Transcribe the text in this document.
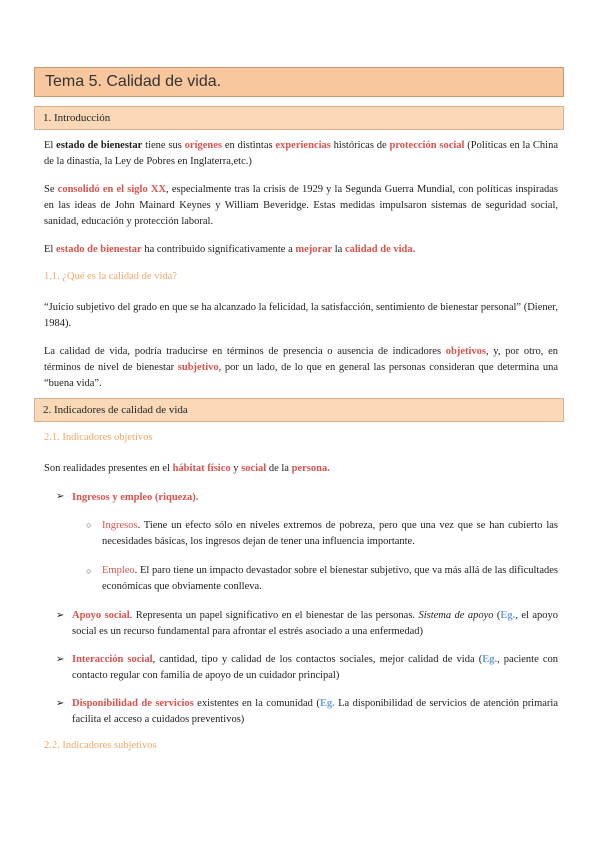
Tema 5. Calidad de vida.
1. Introducción
El estado de bienestar tiene sus orígenes en distintas experiencias históricas de protección social (Políticas en la China de la dinastía, la Ley de Pobres en Inglaterra,etc.)
Se consolidó en el siglo XX, especialmente tras la crisis de 1929 y la Segunda Guerra Mundial, con políticas inspiradas en las ideas de John Mainard Keynes y William Beveridge. Estas medidas impulsaron sistemas de seguridad social, sanidad, educación y protección laboral.
El estado de bienestar ha contribuido significativamente a mejorar la calidad de vida.
1.1. ¿Qué es la calidad de vida?
“Juicio subjetivo del grado en que se ha alcanzado la felicidad, la satisfacción, sentimiento de bienestar personal” (Diener, 1984).
La calidad de vida, podría traducirse en términos de presencia o ausencia de indicadores objetivos, y, por otro, en términos de nivel de bienestar subjetivo, por un lado, de lo que en general las personas consideran que determina una “buena vida”.
2. Indicadores de calidad de vida
2.1. Indicadores objetivos
Son realidades presentes en el hábitat físico y social de la persona.
➢ Ingresos y empleo (riqueza).
○ Ingresos. Tiene un efecto sólo en niveles extremos de pobreza, pero que una vez que se han cubierto las necesidades básicas, los ingresos dejan de tener una influencia importante.
○ Empleo. El paro tiene un impacto devastador sobre el bienestar subjetivo, que va más allá de las dificultades económicas que obviamente conlleva.
➢ Apoyo social. Representa un papel significativo en el bienestar de las personas. Sistema de apoyo (Eg., el apoyo social es un recurso fundamental para afrontar el estrés asociado a una enfermedad)
➢ Interacción social, cantidad, tipo y calidad de los contactos sociales, mejor calidad de vida (Eg., paciente con contacto regular con familia de apoyo de un cuidador principal)
➢ Disponibilidad de servicios existentes en la comunidad (Eg. La disponibilidad de servicios de atención primaria facilita el acceso a cuidados preventivos)
2.2. Indicadores subjetivos
